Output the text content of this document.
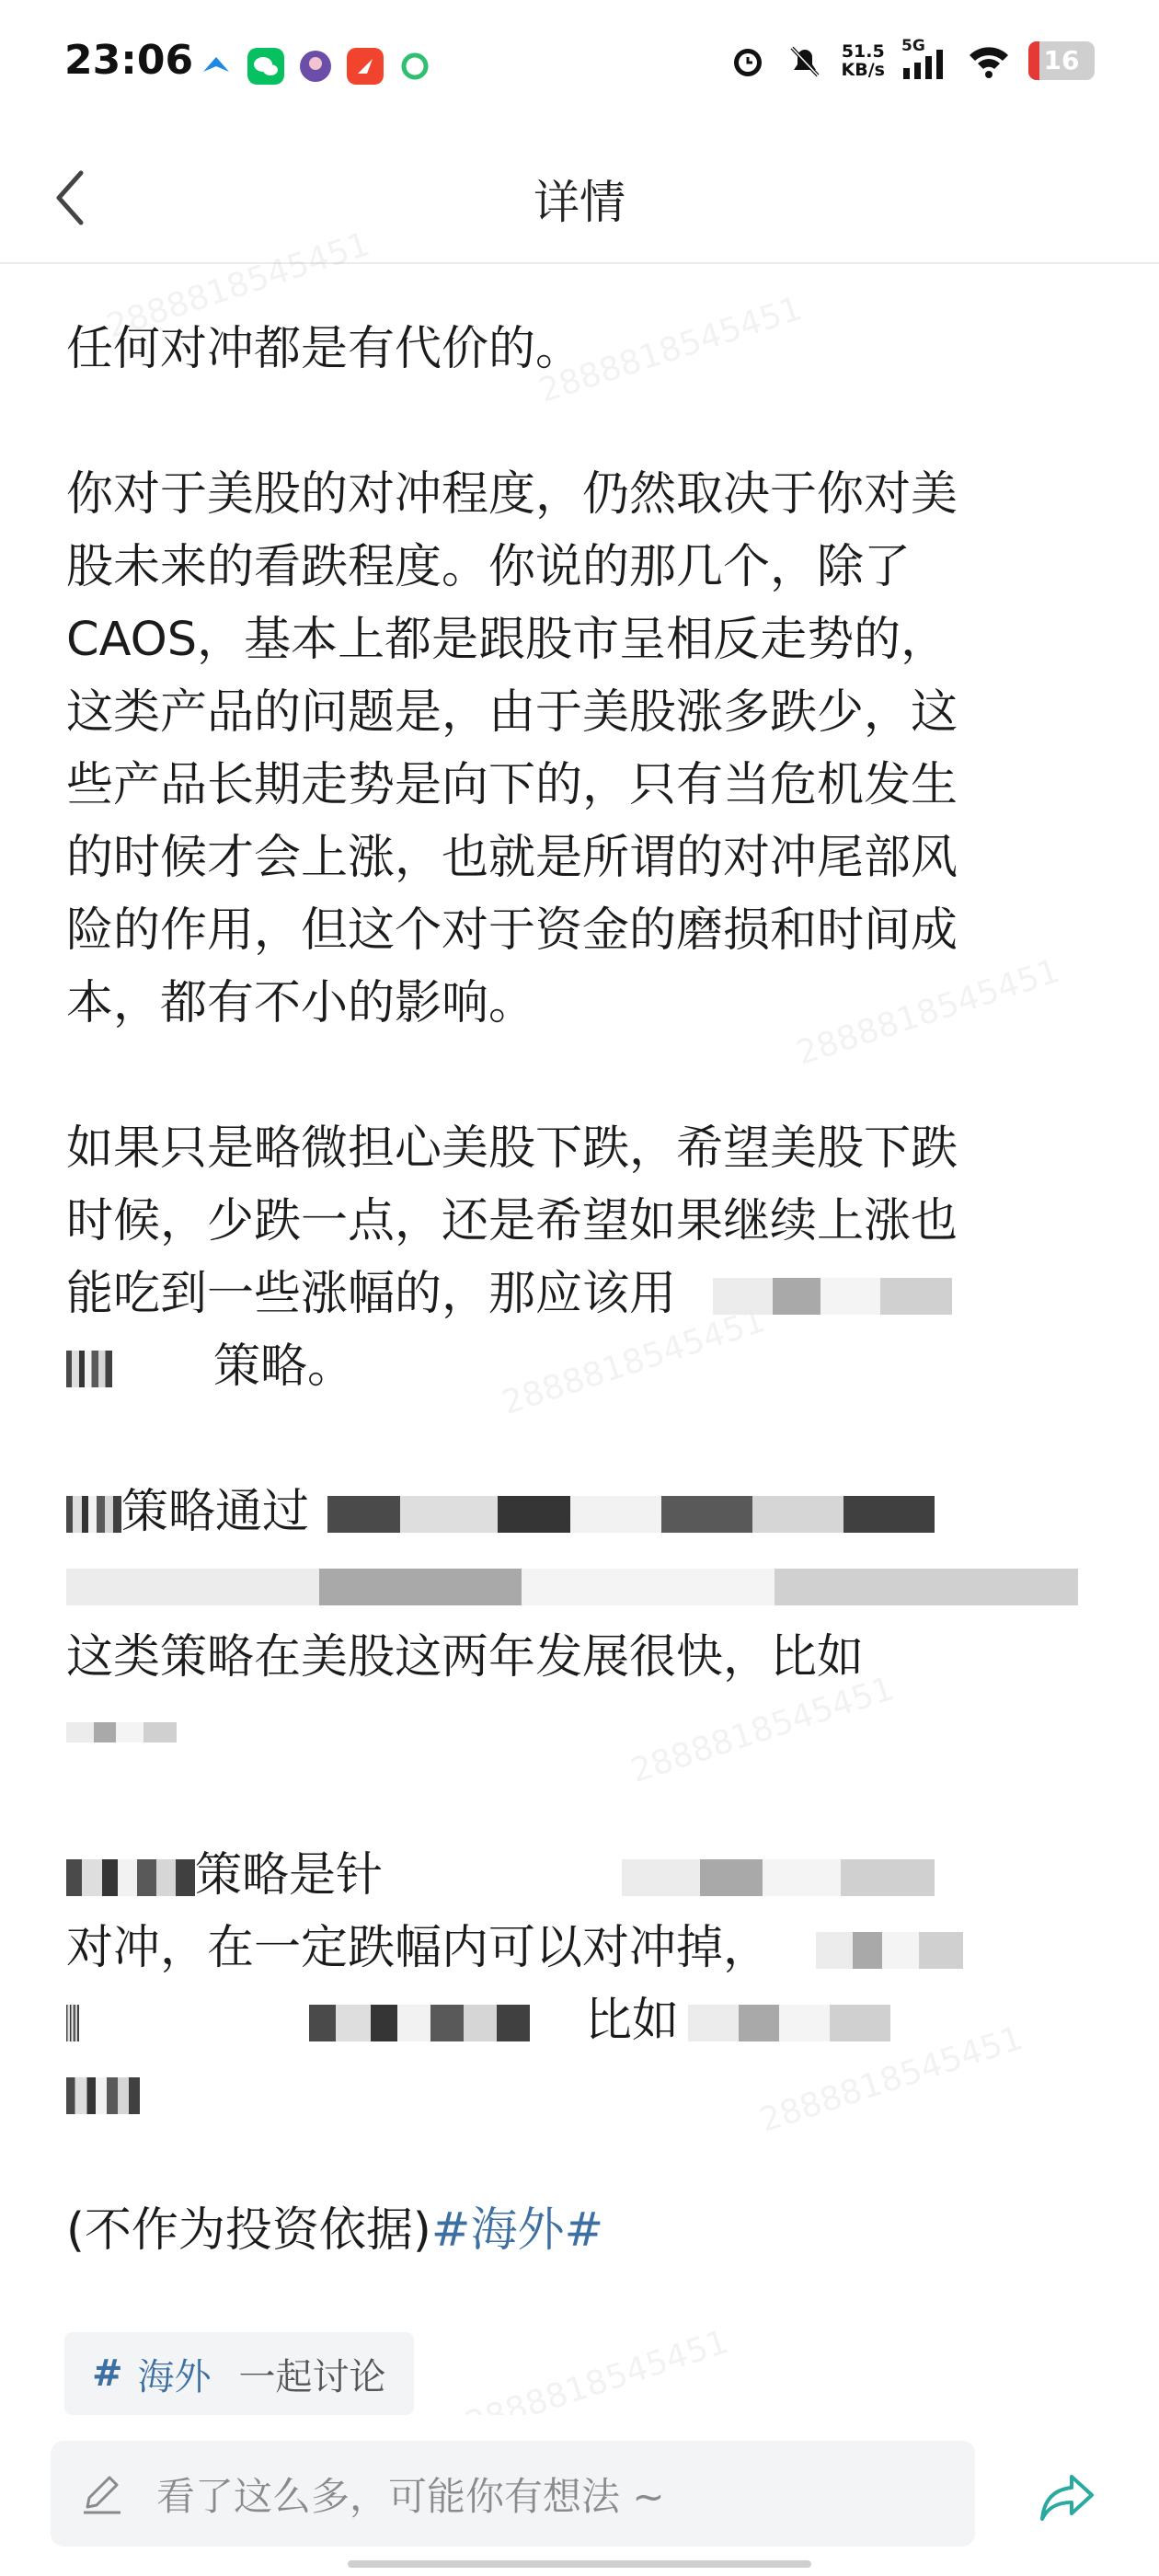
23:06	51.5
KB/s
5G	16
详情
2888818545451
2888818545451
2888818545451
2888818545451
2888818545451
2888818545451
2888818545451
任何对冲都是有代价的。
你对于美股的对冲程度，仍然取决于你对美
股未来的看跌程度。你说的那几个，除了
CAOS，基本上都是跟股市呈相反走势的，
这类产品的问题是，由于美股涨多跌少，这
些产品长期走势是向下的，只有当危机发生
的时候才会上涨，也就是所谓的对冲尾部风
险的作用，但这个对于资金的磨损和时间成
本，都有不小的影响。
如果只是略微担心美股下跌，希望美股下跌
时候，少跌一点，还是希望如果继续上涨也
能吃到一些涨幅的，那应该用
策略。
策略通过
这类策略在美股这两年发展很快，比如
策略是针
对冲，在一定跌幅内可以对冲掉，
比如
(不作为投资依据)#海外#
# 海外 一起讨论
看了这么多，可能你有想法 ~
